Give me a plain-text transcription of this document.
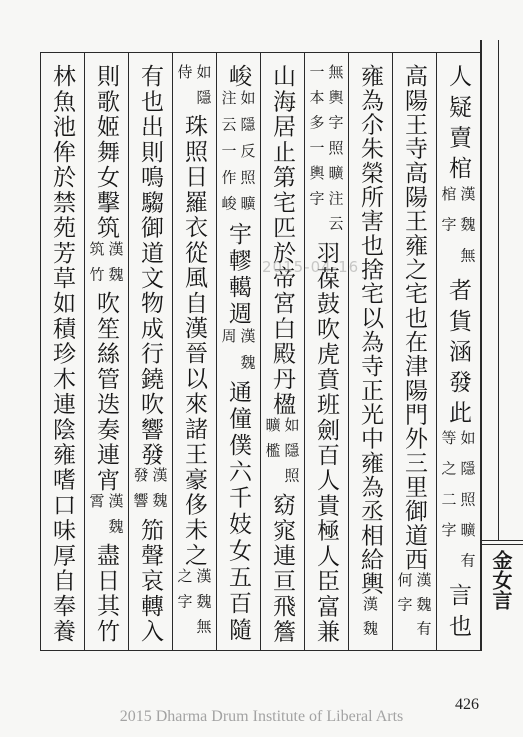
人疑賣棺
漢魏無
棺字
者貨涵發此
如隱照曠有
等之二字
言也
高陽王寺高陽王雍之宅也在津陽門外三里御道西
漢魏有
何字
雍為尒朱榮所害也捨宅以為寺正光中雍為丞相給輿
漢魏
無輿字照曠注云
一本多一輿字
羽葆鼓吹虎賁班劍百人貴極人臣富兼
山海居止第宅匹於帝宮白殿丹楹
如隱照
曠檻
窈窕連亘飛簷
峻
如隱反照曠
注云一作峻
宇轇轕週
漢魏
周
通僮僕六千妓女五百隨
如隱
侍
珠照日羅衣從風自漢晉以來諸王豪侈未之
漢魏無
之字
有也出則鳴騶御道文物成行鐃吹響發
漢魏
發響
笳聲哀轉入
則歌姬舞女擊筑
漢魏
筑竹
吹笙絲管迭奏連宵
漢魏
霄
盡日其竹
林魚池侔於禁苑芳草如積珍木連陰雍嗜口味厚自奉養	2015-04-16
金女言
426
2015 Dharma Drum Institute of Liberal Arts
